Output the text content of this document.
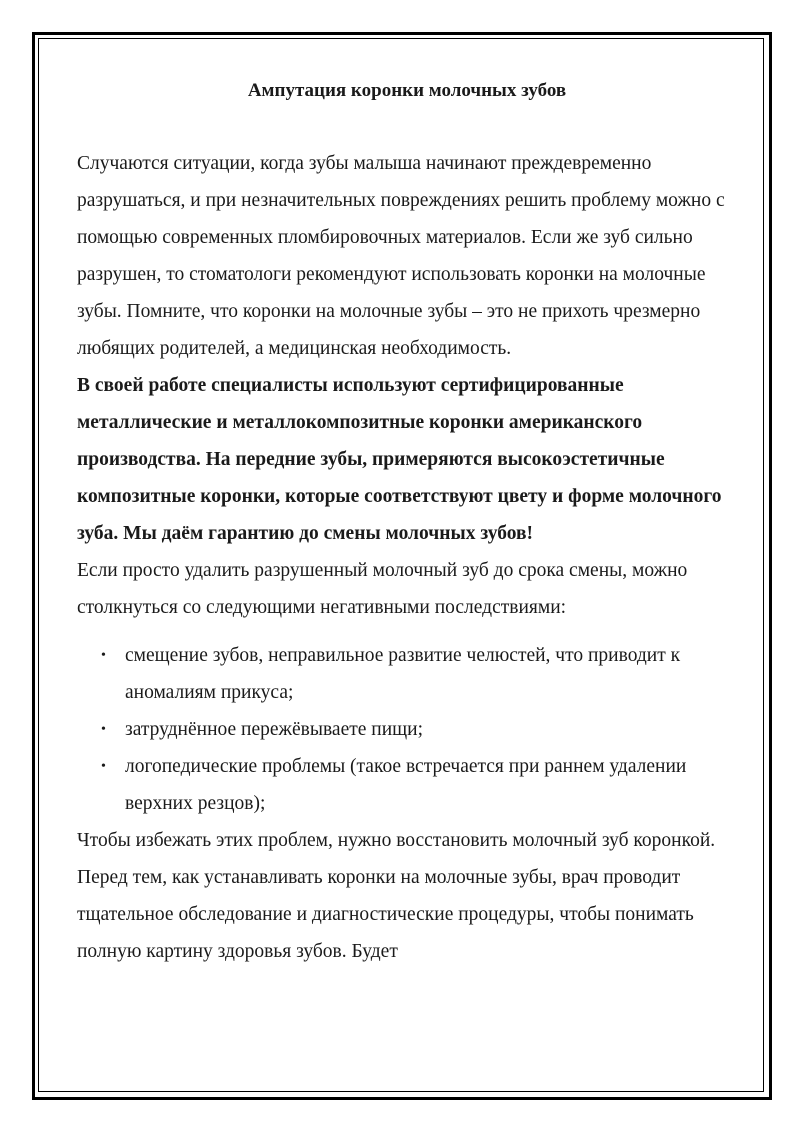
Ампутация коронки молочных зубов

Случаются ситуации, когда зубы малыша начинают преждевременно разрушаться, и при незначительных повреждениях решить проблему можно с помощью современных пломбировочных материалов. Если же зуб сильно разрушен, то стоматологи рекомендуют использовать коронки на молочные зубы. Помните, что коронки на молочные зубы – это не прихоть чрезмерно любящих родителей, а медицинская необходимость.

В своей работе специалисты используют сертифицированные металлические и металлокомпозитные коронки американского производства. На передние зубы, примеряются высокоэстетичные композитные коронки, которые соответствуют цвету и форме молочного зуба. Мы даём гарантию до смены молочных зубов!

Если просто удалить разрушенный молочный зуб до срока смены, можно столкнуться со следующими негативными последствиями:

• смещение зубов, неправильное развитие челюстей, что приводит к аномалиям прикуса;
• затруднённое пережёвываете пищи;
• логопедические проблемы (такое встречается при раннем удалении верхних резцов);

Чтобы избежать этих проблем, нужно восстановить молочный зуб коронкой. Перед тем, как устанавливать коронки на молочные зубы, врач проводит тщательное обследование и диагностические процедуры, чтобы понимать полную картину здоровья зубов. Будет
